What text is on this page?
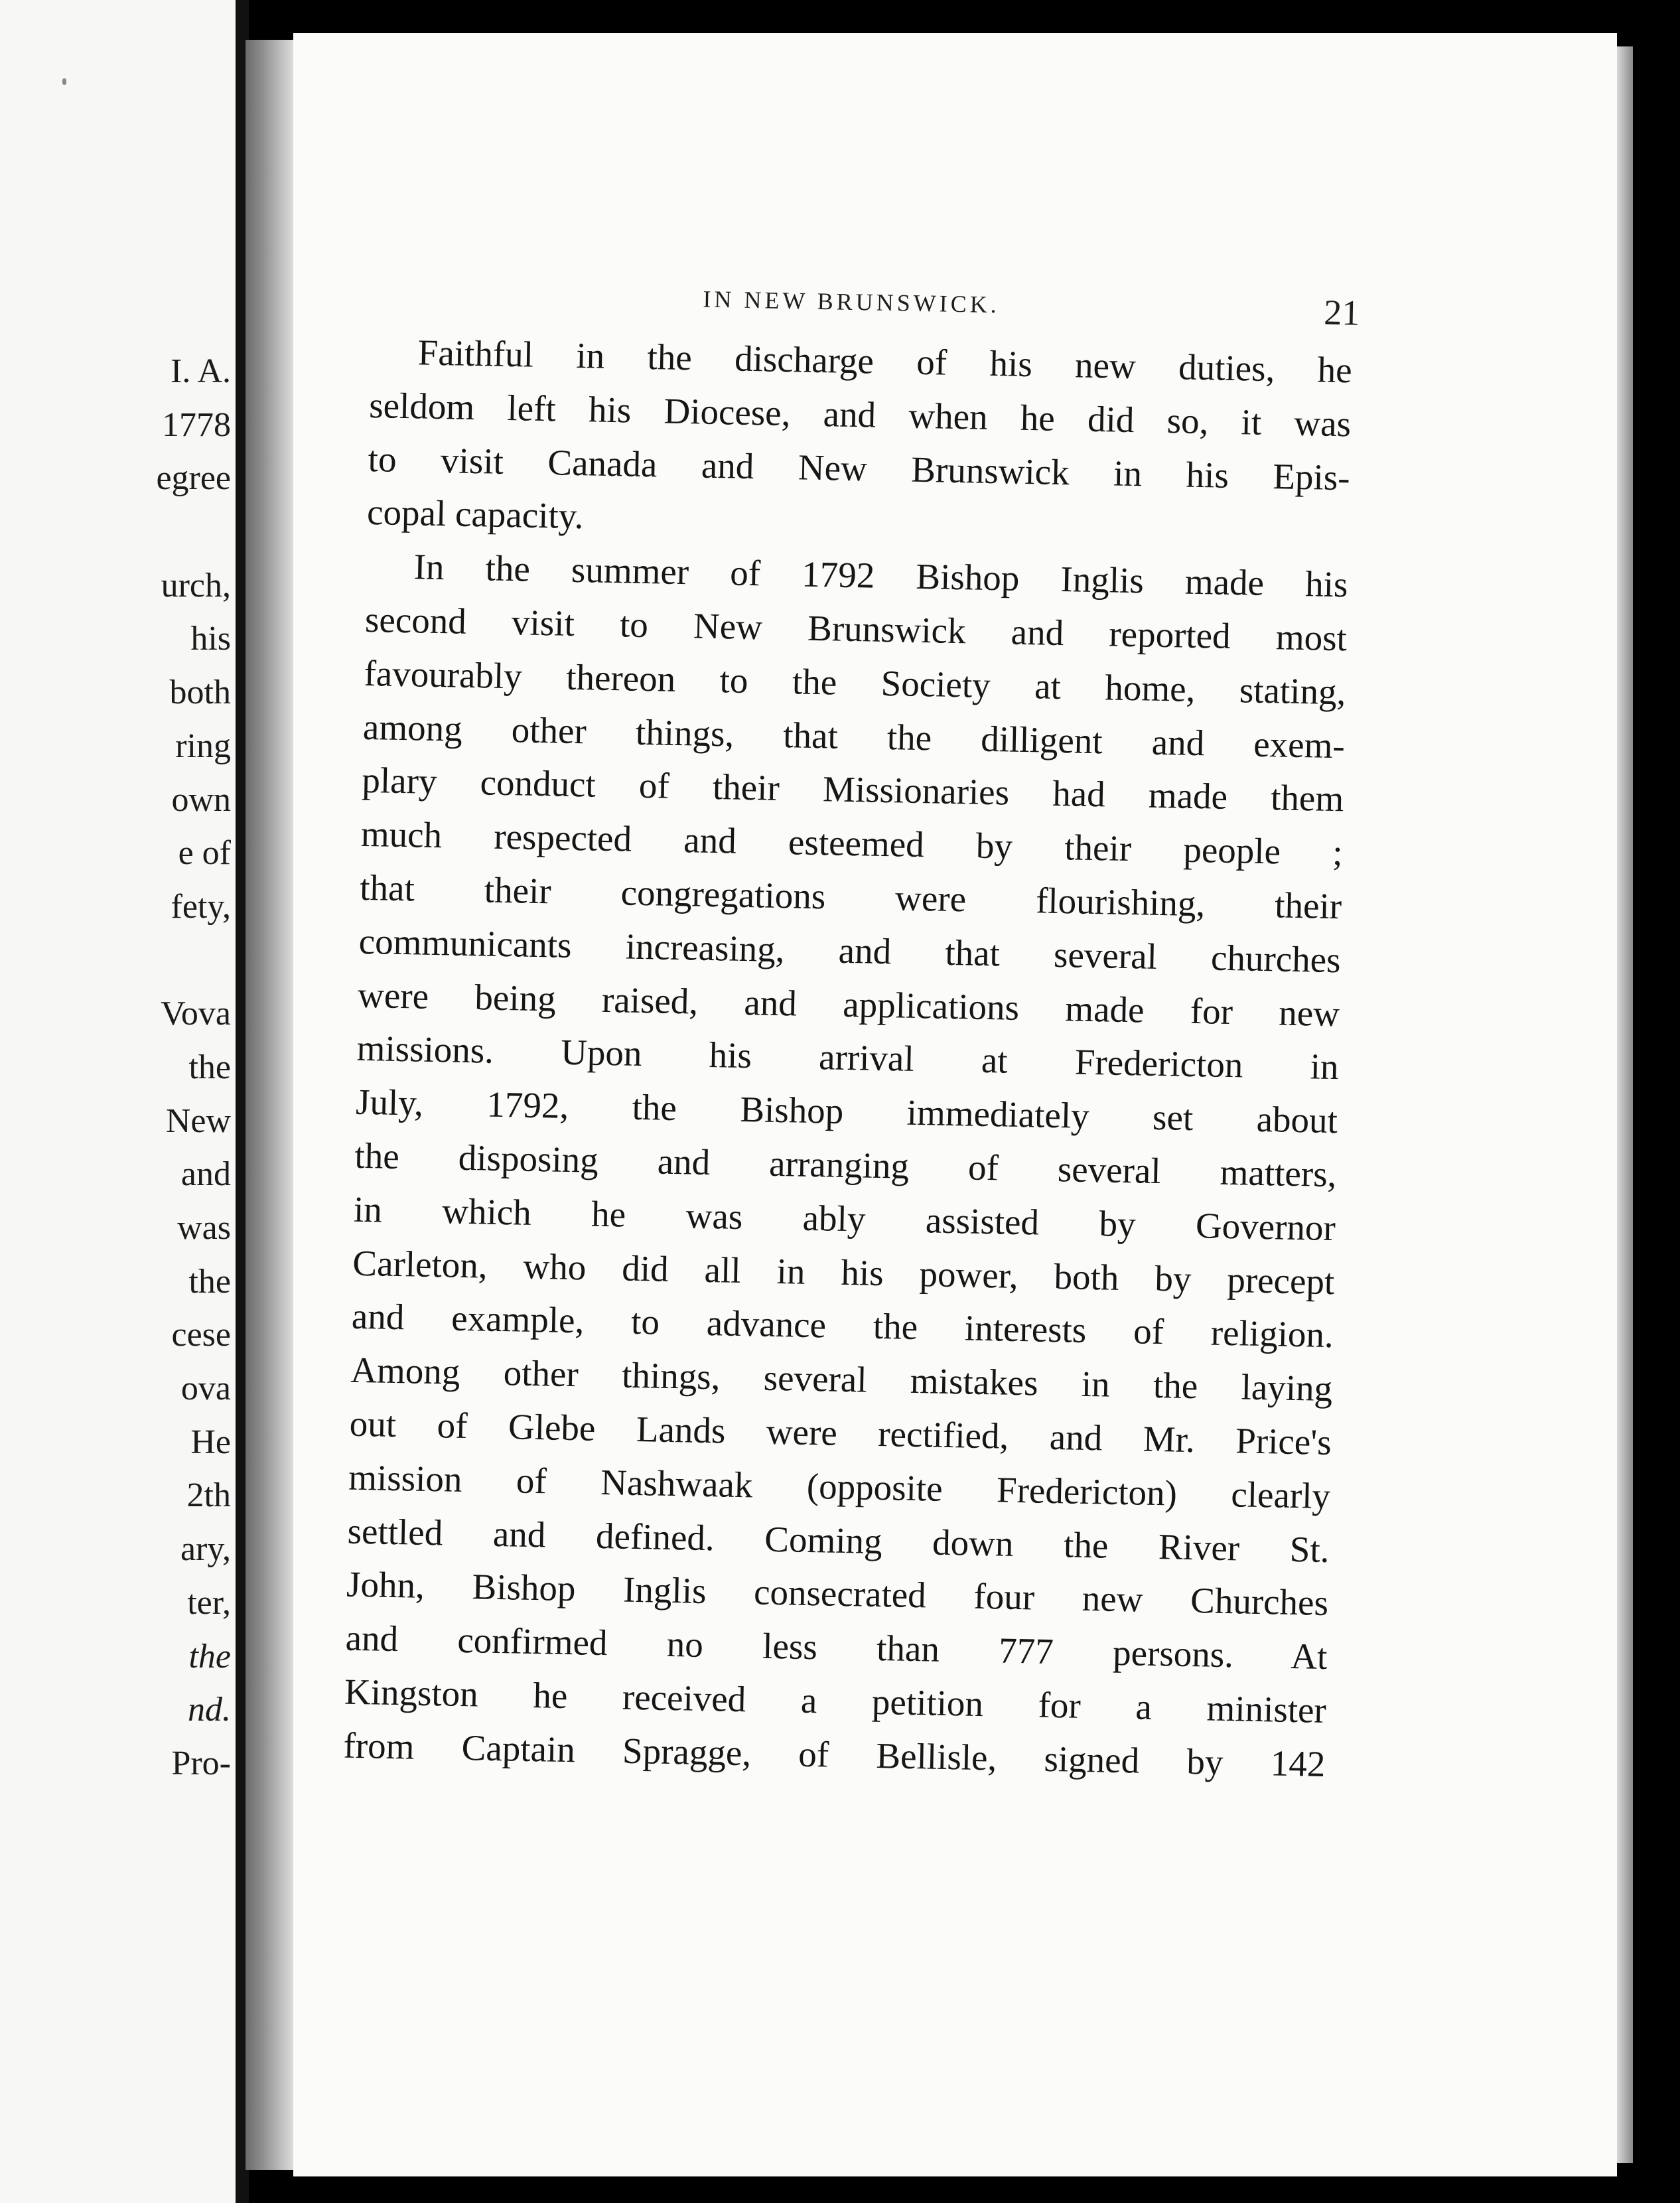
I. A.
1778
egree
urch,
his
both
ring
own
e of
fety,
Vova
the
New
and
was
the
cese
ova
He
2th
ary,
ter,
the
nd.
Pro-
IN NEW BRUNSWICK.	21
Faithful in the discharge of his new duties, he
seldom left his Diocese, and when he did so, it was
to visit Canada and New Brunswick in his Epis-
copal capacity.
In the summer of 1792 Bishop Inglis made his
second visit to New Brunswick and reported most
favourably thereon to the Society at home, stating,
among other things, that the dilligent and exem-
plary conduct of their Missionaries had made them
much respected and esteemed by their people ;
that their congregations were flourishing, their
communicants increasing, and that several churches
were being raised, and applications made for new
missions. Upon his arrival at Fredericton in
July, 1792, the Bishop immediately set about
the disposing and arranging of several matters,
in which he was ably assisted by Governor
Carleton, who did all in his power, both by precept
and example, to advance the interests of religion.
Among other things, several mistakes in the laying
out of Glebe Lands were rectified, and Mr. Price's
mission of Nashwaak (opposite Fredericton) clearly
settled and defined. Coming down the River St.
John, Bishop Inglis consecrated four new Churches
and confirmed no less than 777 persons. At
Kingston he received a petition for a minister
from Captain Spragge, of Bellisle, signed by 142
